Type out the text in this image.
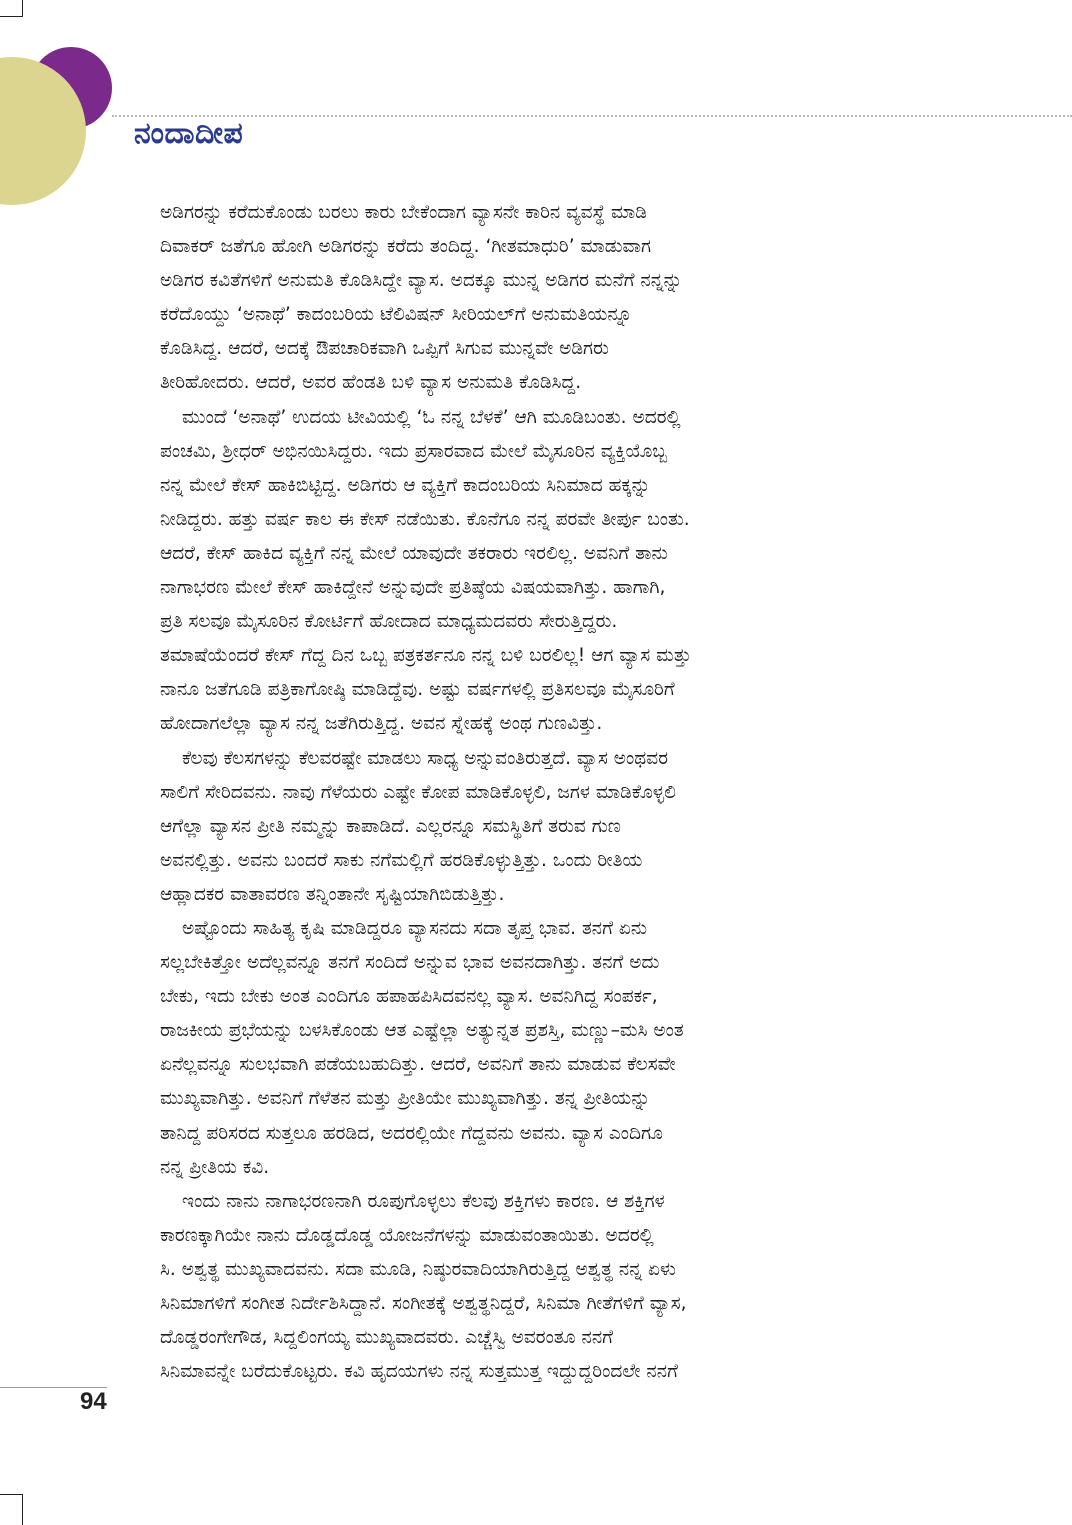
ನಂದಾದೀಪ
ಅಡಿಗರನ್ನು ಕರೆದುಕೊಂಡು ಬರಲು ಕಾರು ಬೇಕೆಂದಾಗ ವ್ಯಾಸನೇ ಕಾರಿನ ವ್ಯವಸ್ಥೆ ಮಾಡಿ
ದಿವಾಕರ್ ಜತೆಗೂ ಹೋಗಿ ಅಡಿಗರನ್ನು ಕರೆದು ತಂದಿದ್ದ. ‘ಗೀತಮಾಧುರಿ’ ಮಾಡುವಾಗ
ಅಡಿಗರ ಕವಿತೆಗಳಿಗೆ ಅನುಮತಿ ಕೊಡಿಸಿದ್ದೇ ವ್ಯಾಸ. ಅದಕ್ಕೂ ಮುನ್ನ ಅಡಿಗರ ಮನೆಗೆ ನನ್ನನ್ನು
ಕರೆದೊಯ್ದು ‘ಅನಾಥೆ’ ಕಾದಂಬರಿಯ ಟೆಲಿವಿಷನ್ ಸೀರಿಯಲ್‌ಗೆ ಅನುಮತಿಯನ್ನೂ
ಕೊಡಿಸಿದ್ದ. ಆದರೆ, ಅದಕ್ಕೆ ಔಪಚಾರಿಕವಾಗಿ ಒಪ್ಪಿಗೆ ಸಿಗುವ ಮುನ್ನವೇ ಅಡಿಗರು
ತೀರಿಹೋದರು. ಆದರೆ, ಅವರ ಹೆಂಡತಿ ಬಳಿ ವ್ಯಾಸ ಅನುಮತಿ ಕೊಡಿಸಿದ್ದ.
ಮುಂದೆ ‘ಅನಾಥೆ’ ಉದಯ ಟೀವಿಯಲ್ಲಿ ‘ಓ ನನ್ನ ಬೆಳಕೆ’ ಆಗಿ ಮೂಡಿಬಂತು. ಅದರಲ್ಲಿ
ಪಂಚಮಿ, ಶ್ರೀಧರ್ ಅಭಿನಯಿಸಿದ್ದರು. ಇದು ಪ್ರಸಾರವಾದ ಮೇಲೆ ಮೈಸೂರಿನ ವ್ಯಕ್ತಿಯೊಬ್ಬ
ನನ್ನ ಮೇಲೆ ಕೇಸ್ ಹಾಕಿಬಿಟ್ಟಿದ್ದ. ಅಡಿಗರು ಆ ವ್ಯಕ್ತಿಗೆ ಕಾದಂಬರಿಯ ಸಿನಿಮಾದ ಹಕ್ಕನ್ನು
ನೀಡಿದ್ದರು. ಹತ್ತು ವರ್ಷ ಕಾಲ ಈ ಕೇಸ್ ನಡೆಯಿತು. ಕೊನೆಗೂ ನನ್ನ ಪರವೇ ತೀರ್ಪು ಬಂತು.
ಆದರೆ, ಕೇಸ್ ಹಾಕಿದ ವ್ಯಕ್ತಿಗೆ ನನ್ನ ಮೇಲೆ ಯಾವುದೇ ತಕರಾರು ಇರಲಿಲ್ಲ. ಅವನಿಗೆ ತಾನು
ನಾಗಾಭರಣ ಮೇಲೆ ಕೇಸ್ ಹಾಕಿದ್ದೇನೆ ಅನ್ನುವುದೇ ಪ್ರತಿಷ್ಠೆಯ ವಿಷಯವಾಗಿತ್ತು. ಹಾಗಾಗಿ,
ಪ್ರತಿ ಸಲವೂ ಮೈಸೂರಿನ ಕೋರ್ಟಿಗೆ ಹೋದಾದ ಮಾಧ್ಯಮದವರು ಸೇರುತ್ತಿದ್ದರು.
ತಮಾಷೆಯೆಂದರೆ ಕೇಸ್ ಗೆದ್ದ ದಿನ ಒಬ್ಬ ಪತ್ರಕರ್ತನೂ ನನ್ನ ಬಳಿ ಬರಲಿಲ್ಲ! ಆಗ ವ್ಯಾಸ ಮತ್ತು
ನಾನೂ ಜತೆಗೂಡಿ ಪತ್ರಿಕಾಗೋಷ್ಠಿ ಮಾಡಿದ್ದೆವು. ಅಷ್ಟು ವರ್ಷಗಳಲ್ಲಿ ಪ್ರತಿಸಲವೂ ಮೈಸೂರಿಗೆ
ಹೋದಾಗಲೆಲ್ಲಾ ವ್ಯಾಸ ನನ್ನ ಜತೆಗಿರುತ್ತಿದ್ದ. ಅವನ ಸ್ನೇಹಕ್ಕೆ ಅಂಥ ಗುಣವಿತ್ತು.
ಕೆಲವು ಕೆಲಸಗಳನ್ನು ಕೆಲವರಷ್ಟೇ ಮಾಡಲು ಸಾಧ್ಯ ಅನ್ನುವಂತಿರುತ್ತದೆ. ವ್ಯಾಸ ಅಂಥವರ
ಸಾಲಿಗೆ ಸೇರಿದವನು. ನಾವು ಗೆಳೆಯರು ಎಷ್ಟೇ ಕೋಪ ಮಾಡಿಕೊಳ್ಳಲಿ, ಜಗಳ ಮಾಡಿಕೊಳ್ಳಲಿ
ಆಗೆಲ್ಲಾ ವ್ಯಾಸನ ಪ್ರೀತಿ ನಮ್ಮನ್ನು ಕಾಪಾಡಿದೆ. ಎಲ್ಲರನ್ನೂ ಸಮಸ್ಥಿತಿಗೆ ತರುವ ಗುಣ
ಅವನಲ್ಲಿತ್ತು. ಅವನು ಬಂದರೆ ಸಾಕು ನಗೆಮಲ್ಲಿಗೆ ಹರಡಿಕೊಳ್ಳುತ್ತಿತ್ತು. ಒಂದು ರೀತಿಯ
ಆಹ್ಲಾದಕರ ವಾತಾವರಣ ತನ್ನಿಂತಾನೇ ಸೃಷ್ಟಿಯಾಗಿಬಿಡುತ್ತಿತ್ತು.
ಅಷ್ಟೊಂದು ಸಾಹಿತ್ಯ ಕೃಷಿ ಮಾಡಿದ್ದರೂ ವ್ಯಾಸನದು ಸದಾ ತೃಪ್ತ ಭಾವ. ತನಗೆ ಏನು
ಸಲ್ಲಬೇಕಿತ್ತೋ ಅದೆಲ್ಲವನ್ನೂ ತನಗೆ ಸಂದಿದೆ ಅನ್ನುವ ಭಾವ ಅವನದಾಗಿತ್ತು. ತನಗೆ ಅದು
ಬೇಕು, ಇದು ಬೇಕು ಅಂತ ಎಂದಿಗೂ ಹಪಾಹಪಿಸಿದವನಲ್ಲ ವ್ಯಾಸ. ಅವನಿಗಿದ್ದ ಸಂಪರ್ಕ,
ರಾಜಕೀಯ ಪ್ರಭೆಯನ್ನು ಬಳಸಿಕೊಂಡು ಆತ ಎಷ್ಟೆಲ್ಲಾ ಅತ್ಯುನ್ನತ ಪ್ರಶಸ್ತಿ, ಮಣ್ಣು–ಮಸಿ ಅಂತ
ಏನೆಲ್ಲವನ್ನೂ ಸುಲಭವಾಗಿ ಪಡೆಯಬಹುದಿತ್ತು. ಆದರೆ, ಅವನಿಗೆ ತಾನು ಮಾಡುವ ಕೆಲಸವೇ
ಮುಖ್ಯವಾಗಿತ್ತು. ಅವನಿಗೆ ಗೆಳೆತನ ಮತ್ತು ಪ್ರೀತಿಯೇ ಮುಖ್ಯವಾಗಿತ್ತು. ತನ್ನ ಪ್ರೀತಿಯನ್ನು
ತಾನಿದ್ದ ಪರಿಸರದ ಸುತ್ತಲೂ ಹರಡಿದ, ಅದರಲ್ಲಿಯೇ ಗೆದ್ದವನು ಅವನು. ವ್ಯಾಸ ಎಂದಿಗೂ
ನನ್ನ ಪ್ರೀತಿಯ ಕವಿ.
ಇಂದು ನಾನು ನಾಗಾಭರಣನಾಗಿ ರೂಪುಗೊಳ್ಳಲು ಕೆಲವು ಶಕ್ತಿಗಳು ಕಾರಣ. ಆ ಶಕ್ತಿಗಳ
ಕಾರಣಕ್ಕಾಗಿಯೇ ನಾನು ದೊಡ್ಡದೊಡ್ಡ ಯೋಜನೆಗಳನ್ನು ಮಾಡುವಂತಾಯಿತು. ಅದರಲ್ಲಿ
ಸಿ. ಅಶ್ವತ್ಥ ಮುಖ್ಯವಾದವನು. ಸದಾ ಮೂಡಿ, ನಿಷ್ಠುರವಾದಿಯಾಗಿರುತ್ತಿದ್ದ ಅಶ್ವತ್ಥ ನನ್ನ ಏಳು
ಸಿನಿಮಾಗಳಿಗೆ ಸಂಗೀತ ನಿರ್ದೇಶಿಸಿದ್ದಾನೆ. ಸಂಗೀತಕ್ಕೆ ಅಶ್ವತ್ಥನಿದ್ದರೆ, ಸಿನಿಮಾ ಗೀತೆಗಳಿಗೆ ವ್ಯಾಸ,
ದೊಡ್ಡರಂಗೇಗೌಡ, ಸಿದ್ದಲಿಂಗಯ್ಯ ಮುಖ್ಯವಾದವರು. ಎಚ್ಚೆಸ್ವಿ ಅವರಂತೂ ನನಗೆ
ಸಿನಿಮಾವನ್ನೇ ಬರೆದುಕೊಟ್ಟರು. ಕವಿ ಹೃದಯಗಳು ನನ್ನ ಸುತ್ತಮುತ್ತ ಇದ್ದುದ್ದರಿಂದಲೇ ನನಗೆ
94
